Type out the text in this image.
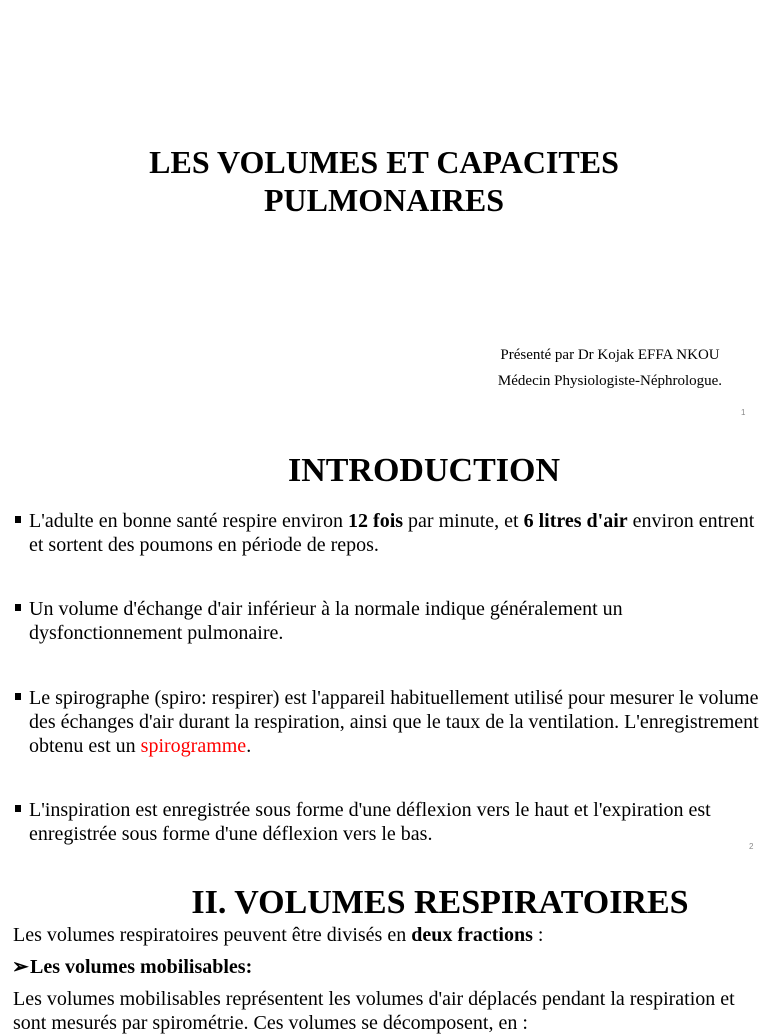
LES VOLUMES ET CAPACITES
PULMONAIRES
Présenté par Dr Kojak EFFA NKOU
Médecin Physiologiste-Néphrologue.
1
INTRODUCTION
L'adulte en bonne santé respire environ 12 fois par minute, et 6 litres d'air environ entrent et sortent des poumons en période de repos.
Un volume d'échange d'air inférieur à la normale indique généralement un dysfonctionnement pulmonaire.
Le spirographe (spiro: respirer) est l'appareil habituellement utilisé pour mesurer le volume des échanges d'air durant la respiration, ainsi que le taux de la ventilation. L'enregistrement obtenu est un spirogramme.
L'inspiration est enregistrée sous forme d'une déflexion vers le haut et l'expiration est enregistrée sous forme d'une déflexion vers le bas.
2
II. VOLUMES RESPIRATOIRES
Les volumes respiratoires peuvent être divisés en deux fractions :
➢Les volumes mobilisables:
Les volumes mobilisables représentent les volumes d'air déplacés pendant la respiration et sont mesurés par spirométrie. Ces volumes se décomposent, en :
